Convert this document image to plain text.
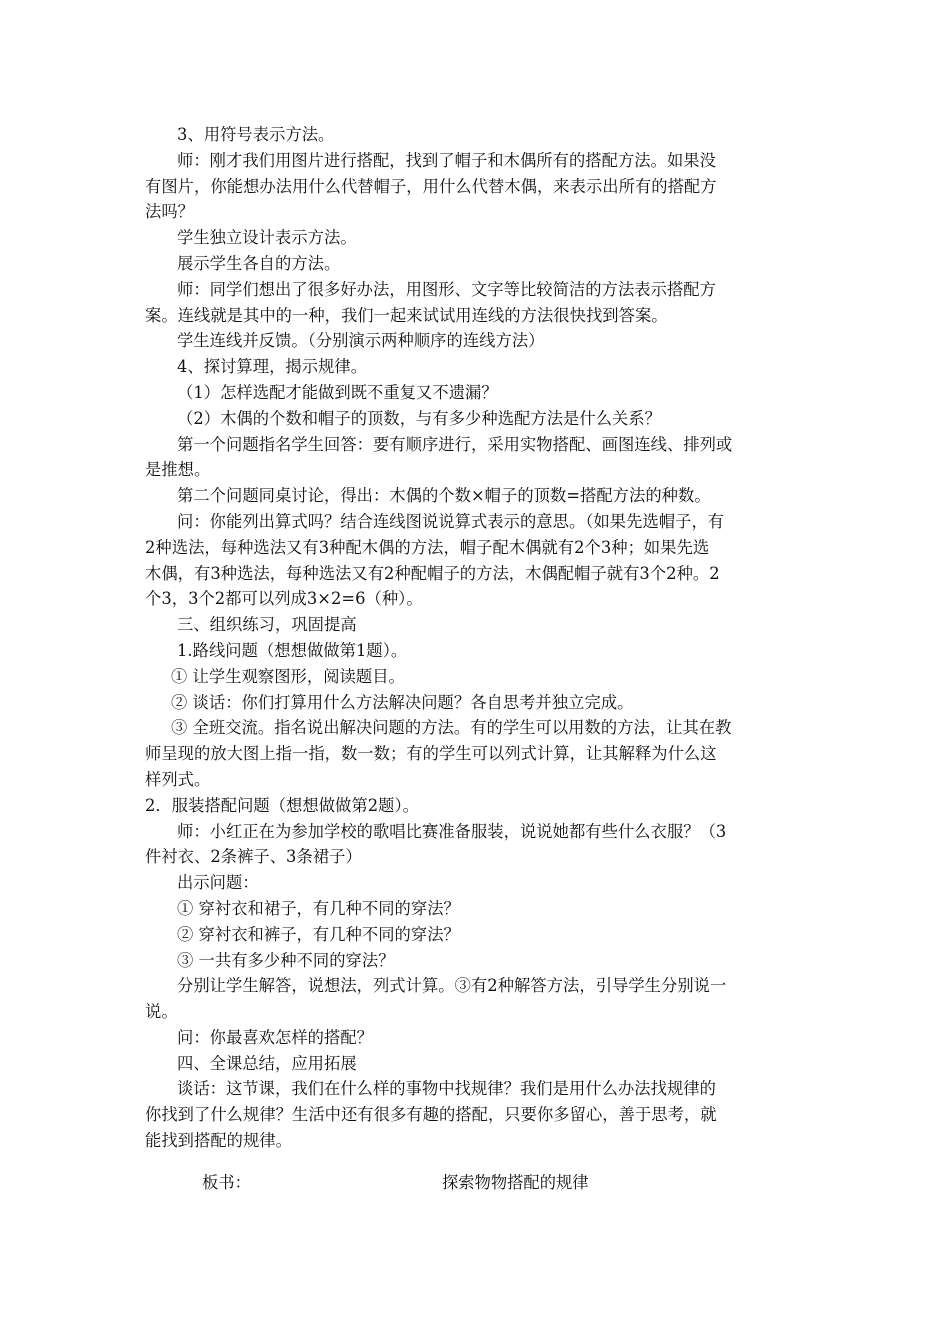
3、用符号表示方法。
师：刚才我们用图片进行搭配，找到了帽子和木偶所有的搭配方法。如果没
有图片，你能想办法用什么代替帽子，用什么代替木偶，来表示出所有的搭配方
法吗？
学生独立设计表示方法。
展示学生各自的方法。
师：同学们想出了很多好办法，用图形、文字等比较简洁的方法表示搭配方
案。连线就是其中的一种，我们一起来试试用连线的方法很快找到答案。
学生连线并反馈。（分别演示两种顺序的连线方法）
4、探讨算理，揭示规律。
（1）怎样选配才能做到既不重复又不遗漏？
（2）木偶的个数和帽子的顶数，与有多少种选配方法是什么关系？
第一个问题指名学生回答：要有顺序进行，采用实物搭配、画图连线、排列或
是推想。
第二个问题同桌讨论，得出：木偶的个数×帽子的顶数=搭配方法的种数。
问：你能列出算式吗？结合连线图说说算式表示的意思。（如果先选帽子，有
2种选法，每种选法又有3种配木偶的方法，帽子配木偶就有2个3种；如果先选
木偶，有3种选法，每种选法又有2种配帽子的方法，木偶配帽子就有3个2种。2
个3，3个2都可以列成3×2=6（种）。
三、组织练习，巩固提高
1.路线问题（想想做做第1题）。
① 让学生观察图形，阅读题目。
② 谈话：你们打算用什么方法解决问题？各自思考并独立完成。
③ 全班交流。指名说出解决问题的方法。有的学生可以用数的方法，让其在教
师呈现的放大图上指一指，数一数；有的学生可以列式计算，让其解释为什么这
样列式。
2．服装搭配问题（想想做做第2题）。
师：小红正在为参加学校的歌唱比赛准备服装，说说她都有些什么衣服？（3
件衬衣、2条裤子、3条裙子）
出示问题：
① 穿衬衣和裙子，有几种不同的穿法？
② 穿衬衣和裤子，有几种不同的穿法？
③ 一共有多少种不同的穿法？
分别让学生解答，说想法，列式计算。③有2种解答方法，引导学生分别说一
说。
问：你最喜欢怎样的搭配？
四、全课总结，应用拓展
谈话：这节课，我们在什么样的事物中找规律？我们是用什么办法找规律的
你找到了什么规律？生活中还有很多有趣的搭配，只要你多留心，善于思考，就
能找到搭配的规律。
板书：	探索物物搭配的规律
